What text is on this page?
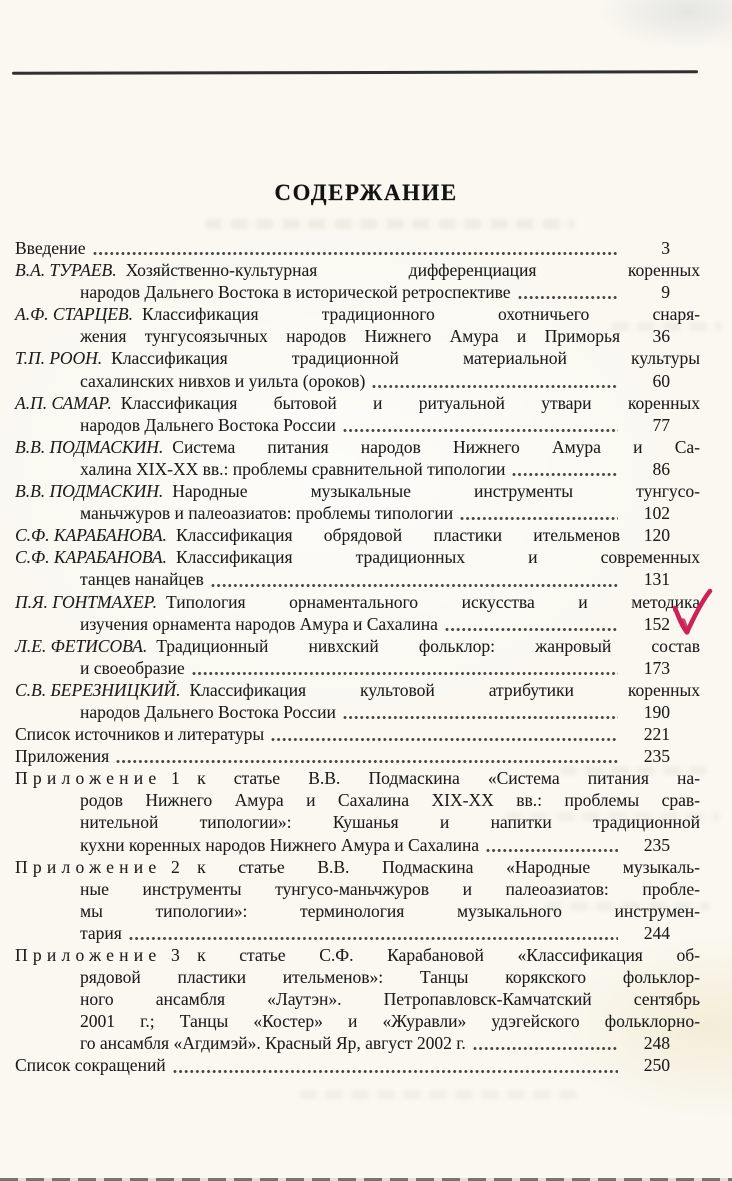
СОДЕРЖАНИЕ
Введение	3
В.А. ТУРАЕВ. Хозяйственно-культурная дифференциация коренных
народов Дальнего Востока в исторической ретроспективе	9
А.Ф. СТАРЦЕВ. Классификация традиционного охотничьего снаря-
жения тунгусоязычных народов Нижнего Амура и Приморья	36
Т.П. РООН. Классификация традиционной материальной культуры
сахалинских нивхов и уильта (ороков)	60
А.П. САМАР. Классификация бытовой и ритуальной утвари коренных
народов Дальнего Востока России	77
В.В. ПОДМАСКИН. Система питания народов Нижнего Амура и Са-
халина XIX-XX вв.: проблемы сравнительной типологии	86
В.В. ПОДМАСКИН. Народные музыкальные инструменты тунгусо-
маньчжуров и палеоазиатов: проблемы типологии	102
С.Ф. КАРАБАНОВА. Классификация обрядовой пластики ительменов	120
С.Ф. КАРАБАНОВА. Классификация традиционных и современных
танцев нанайцев	131
П.Я. ГОНТМАХЕР. Типология орнаментального искусства и методика
изучения орнамента народов Амура и Сахалина	152
Л.Е. ФЕТИСОВА. Традиционный нивхский фольклор: жанровый состав
и своеобразие	173
С.В. БЕРЕЗНИЦКИЙ. Классификация культовой атрибутики коренных
народов Дальнего Востока России	190
Список источников и литературы	221
Приложения	235
Приложение 1 к статье В.В. Подмаскина «Система питания на-
родов Нижнего Амура и Сахалина XIX-XX вв.: проблемы срав-
нительной типологии»: Кушанья и напитки традиционной
кухни коренных народов Нижнего Амура и Сахалина	235
Приложение 2 к статье В.В. Подмаскина «Народные музыкаль-
ные инструменты тунгусо-маньчжуров и палеоазиатов: пробле-
мы типологии»: терминология музыкального инструмен-
тария	244
Приложение 3 к статье С.Ф. Карабановой «Классификация об-
рядовой пластики ительменов»: Танцы корякского фольклор-
ного ансамбля «Лаутэн». Петропавловск-Камчатский сентябрь
2001 г.; Танцы «Костер» и «Журавли» удэгейского фольклорно-
го ансамбля «Агдимэй». Красный Яр, август 2002 г.	248
Список сокращений	250
